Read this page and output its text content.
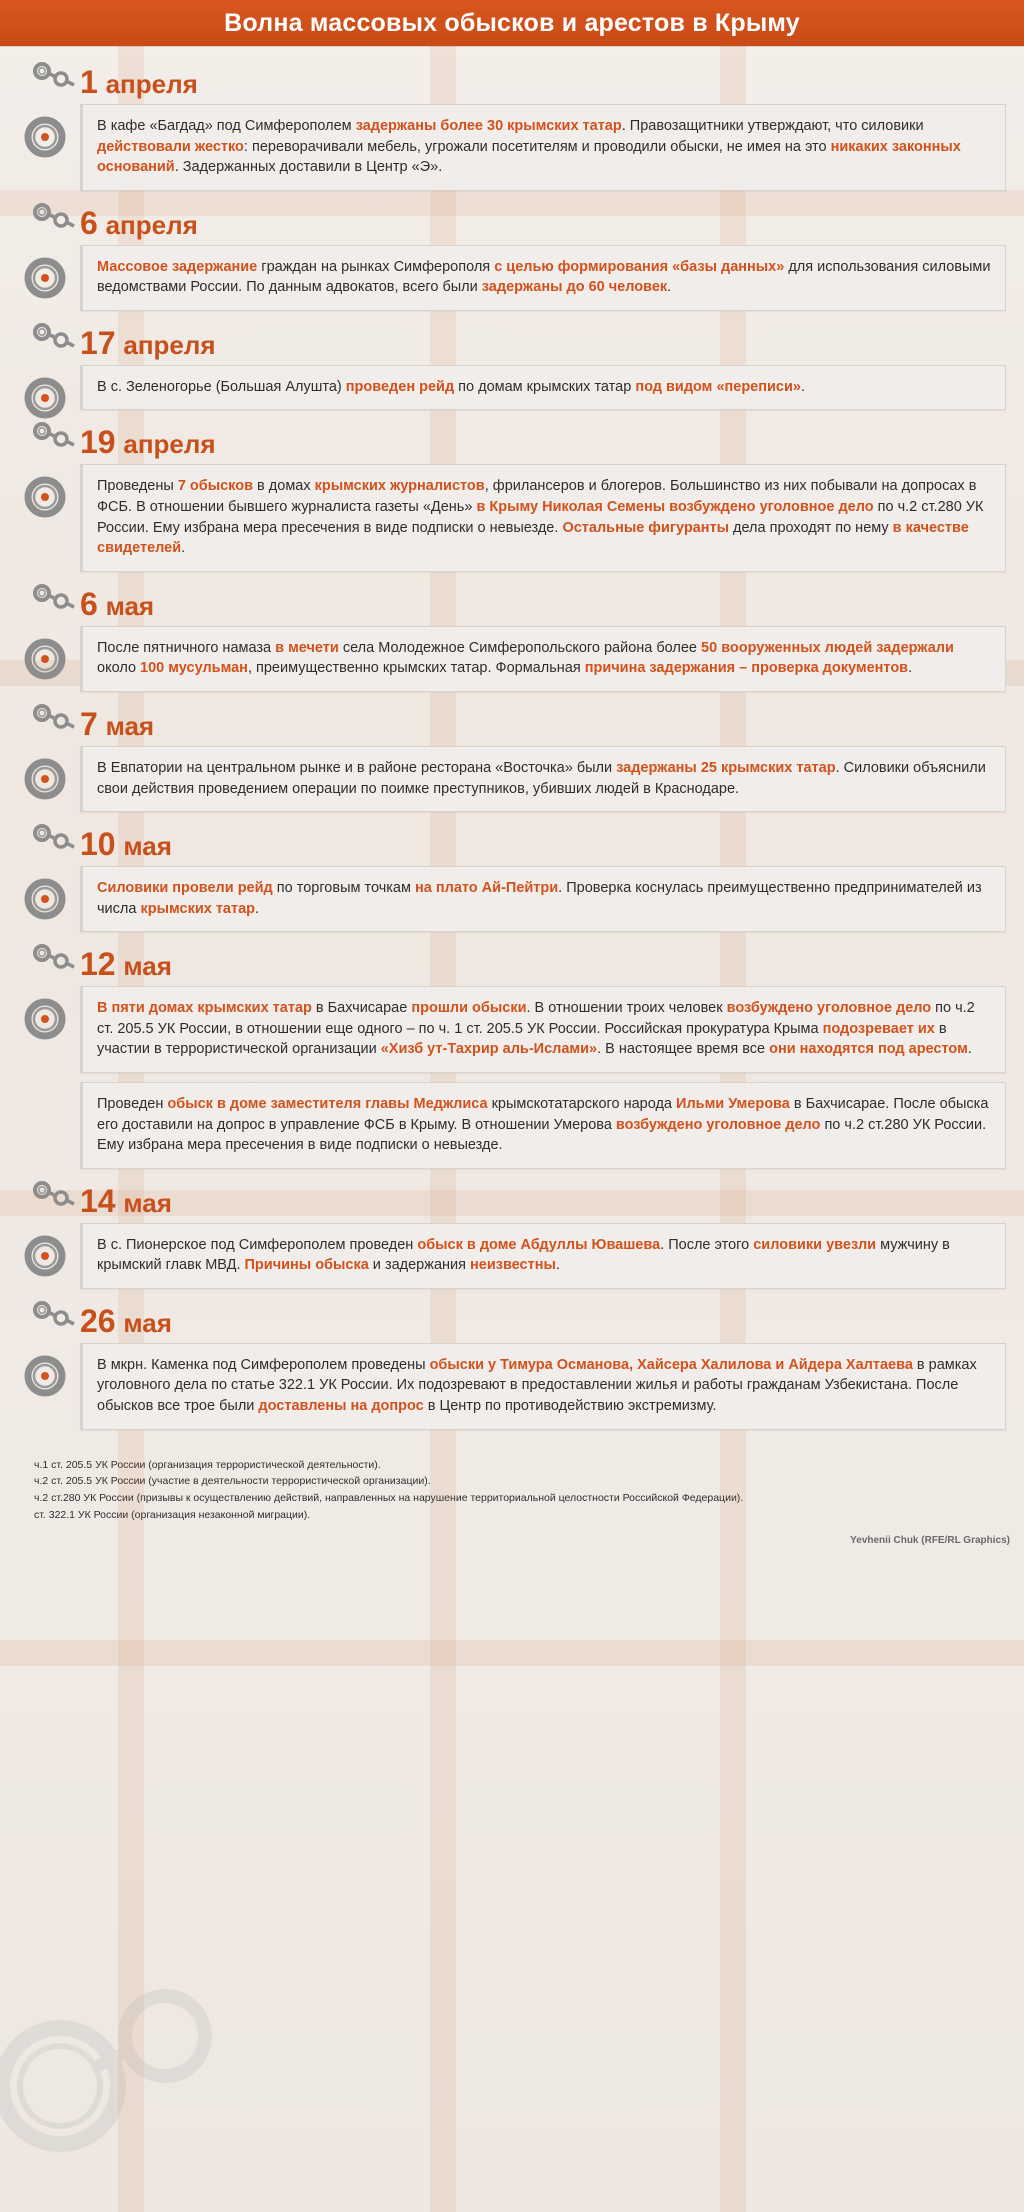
Волна массовых обысков и арестов в Крыму
1 апреля
В кафе «Багдад» под Симферополем задержаны более 30 крымских татар. Правозащитники утверждают, что силовики действовали жестко: переворачивали мебель, угрожали посетителям и проводили обыски, не имея на это никаких законных оснований. Задержанных доставили в Центр «Э».
6 апреля
Массовое задержание граждан на рынках Симферополя с целью формирования «базы данных» для использования силовыми ведомствами России. По данным адвокатов, всего были задержаны до 60 человек.
17 апреля
В с. Зеленогорье (Большая Алушта) проведен рейд по домам крымских татар под видом «переписи».
19 апреля
Проведены 7 обысков в домах крымских журналистов, фрилансеров и блогеров. Большинство из них побывали на допросах в ФСБ. В отношении бывшего журналиста газеты «День» в Крыму Николая Семены возбуждено уголовное дело по ч.2 ст.280 УК России. Ему избрана мера пресечения в виде подписки о невыезде. Остальные фигуранты дела проходят по нему в качестве свидетелей.
6 мая
После пятничного намаза в мечети села Молодежное Симферопольского района более 50 вооруженных людей задержали около 100 мусульман, преимущественно крымских татар. Формальная причина задержания – проверка документов.
7 мая
В Евпатории на центральном рынке и в районе ресторана «Восточка» были задержаны 25 крымских татар. Силовики объяснили свои действия проведением операции по поимке преступников, убивших людей в Краснодаре.
10 мая
Силовики провели рейд по торговым точкам на плато Ай-Пейтри. Проверка коснулась преимущественно предпринимателей из числа крымских татар.
12 мая
В пяти домах крымских татар в Бахчисарае прошли обыски. В отношении троих человек возбуждено уголовное дело по ч.2 ст. 205.5 УК России, в отношении еще одного – по ч. 1 ст. 205.5 УК России. Российская прокуратура Крыма подозревает их в участии в террористической организации «Хизб ут-Тахрир аль-Ислами». В настоящее время все они находятся под арестом.
Проведен обыск в доме заместителя главы Меджлиса крымскотатарского народа Ильми Умерова в Бахчисарае. После обыска его доставили на допрос в управление ФСБ в Крыму. В отношении Умерова возбуждено уголовное дело по ч.2 ст.280 УК России. Ему избрана мера пресечения в виде подписки о невыезде.
14 мая
В с. Пионерское под Симферополем проведен обыск в доме Абдуллы Ювашева. После этого силовики увезли мужчину в крымский главк МВД. Причины обыска и задержания неизвестны.
26 мая
В мкрн. Каменка под Симферополем проведены обыски у Тимура Османова, Хайсера Халилова и Айдера Халтаева в рамках уголовного дела по статье 322.1 УК России. Их подозревают в предоставлении жилья и работы гражданам Узбекистана. После обысков все трое были доставлены на допрос в Центр по противодействию экстремизму.
ч.1 ст. 205.5 УК России (организация террористической деятельности).
ч.2 ст. 205.5 УК России (участие в деятельности террористической организации).
ч.2 ст.280 УК России (призывы к осуществлению действий, направленных на нарушение территориальной целостности Российской Федерации).
ст. 322.1 УК России (организация незаконной миграции).
Yevhenii Chuk (RFE/RL Graphics)
